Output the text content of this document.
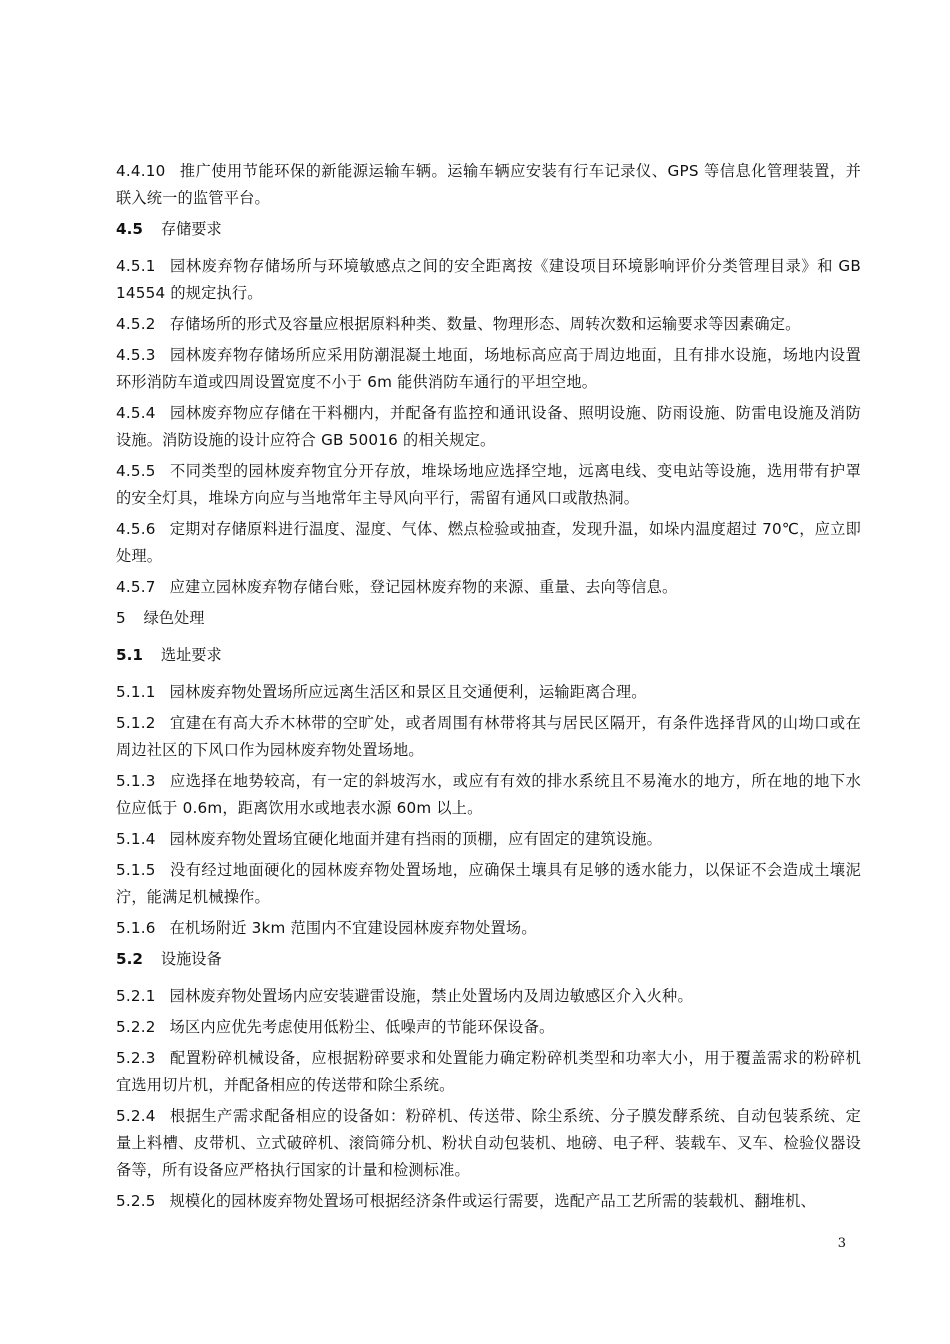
4.4.10 推广使用节能环保的新能源运输车辆。运输车辆应安装有行车记录仪、GPS 等信息化管理装置，并联入统一的监管平台。
4.5 存储要求
4.5.1 园林废弃物存储场所与环境敏感点之间的安全距离按《建设项目环境影响评价分类管理目录》和 GB 14554 的规定执行。
4.5.2 存储场所的形式及容量应根据原料种类、数量、物理形态、周转次数和运输要求等因素确定。
4.5.3 园林废弃物存储场所应采用防潮混凝土地面，场地标高应高于周边地面，且有排水设施，场地内设置环形消防车道或四周设置宽度不小于 6m 能供消防车通行的平坦空地。
4.5.4 园林废弃物应存储在干料棚内，并配备有监控和通讯设备、照明设施、防雨设施、防雷电设施及消防设施。消防设施的设计应符合 GB 50016 的相关规定。
4.5.5 不同类型的园林废弃物宜分开存放，堆垛场地应选择空地，远离电线、变电站等设施，选用带有护罩的安全灯具，堆垛方向应与当地常年主导风向平行，需留有通风口或散热洞。
4.5.6 定期对存储原料进行温度、湿度、气体、燃点检验或抽查，发现升温，如垛内温度超过 70℃，应立即处理。
4.5.7 应建立园林废弃物存储台账，登记园林废弃物的来源、重量、去向等信息。
5 绿色处理
5.1 选址要求
5.1.1 园林废弃物处置场所应远离生活区和景区且交通便利，运输距离合理。
5.1.2 宜建在有高大乔木林带的空旷处，或者周围有林带将其与居民区隔开，有条件选择背风的山坳口或在周边社区的下风口作为园林废弃物处置场地。
5.1.3 应选择在地势较高，有一定的斜坡泻水，或应有有效的排水系统且不易淹水的地方，所在地的地下水位应低于 0.6m，距离饮用水或地表水源 60m 以上。
5.1.4 园林废弃物处置场宜硬化地面并建有挡雨的顶棚，应有固定的建筑设施。
5.1.5 没有经过地面硬化的园林废弃物处置场地，应确保土壤具有足够的透水能力，以保证不会造成土壤泥泞，能满足机械操作。
5.1.6 在机场附近 3km 范围内不宜建设园林废弃物处置场。
5.2 设施设备
5.2.1 园林废弃物处置场内应安装避雷设施，禁止处置场内及周边敏感区介入火种。
5.2.2 场区内应优先考虑使用低粉尘、低噪声的节能环保设备。
5.2.3 配置粉碎机械设备，应根据粉碎要求和处置能力确定粉碎机类型和功率大小，用于覆盖需求的粉碎机宜选用切片机，并配备相应的传送带和除尘系统。
5.2.4 根据生产需求配备相应的设备如：粉碎机、传送带、除尘系统、分子膜发酵系统、自动包装系统、定量上料槽、皮带机、立式破碎机、滚筒筛分机、粉状自动包装机、地磅、电子秤、装载车、叉车、检验仪器设备等，所有设备应严格执行国家的计量和检测标准。
5.2.5 规模化的园林废弃物处置场可根据经济条件或运行需要，选配产品工艺所需的装载机、翻堆机、
3
